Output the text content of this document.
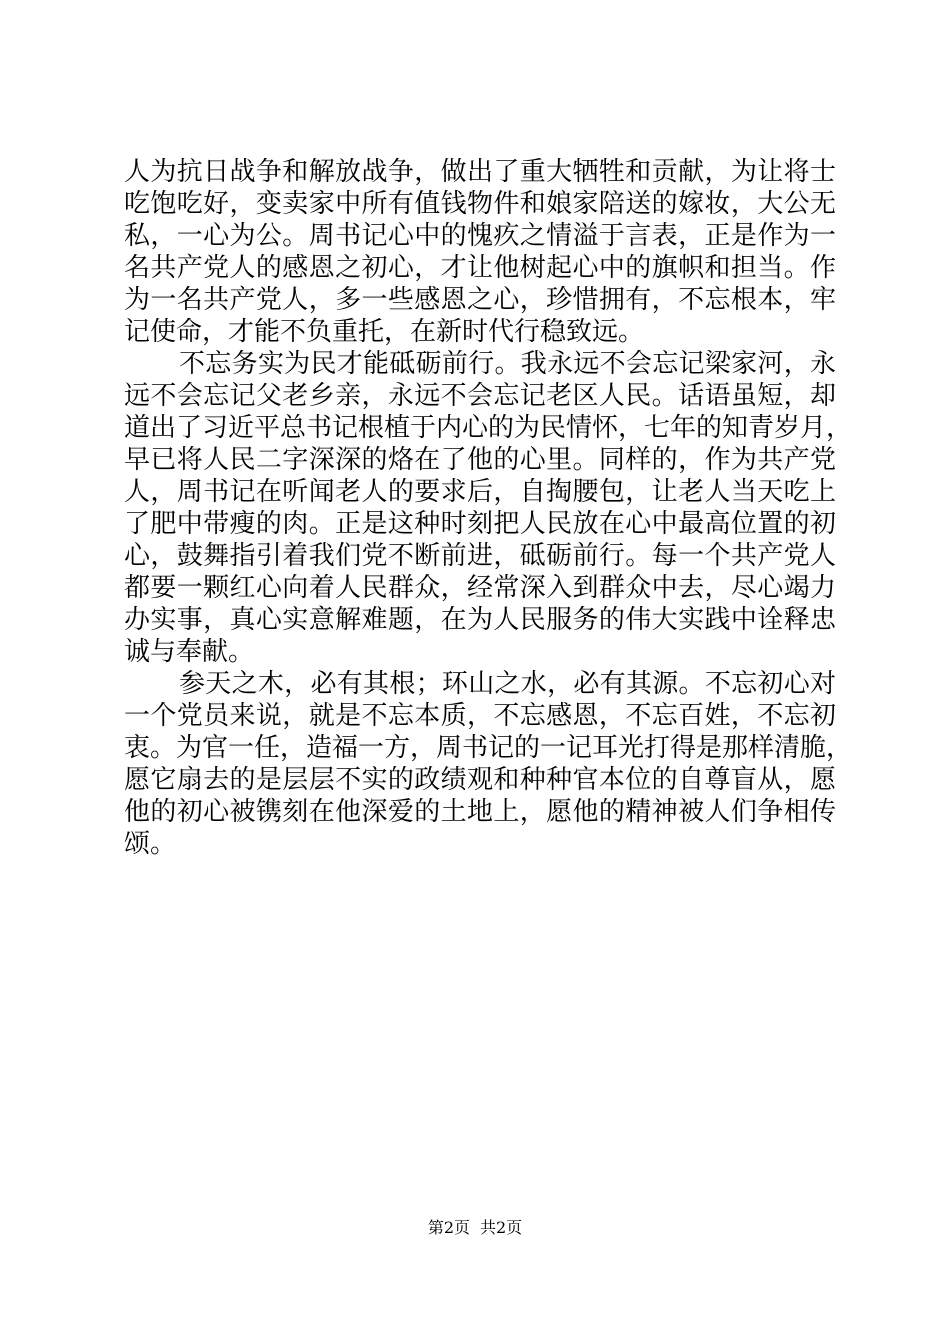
人为抗日战争和解放战争，做出了重大牺牲和贡献，为让将士
吃饱吃好，变卖家中所有值钱物件和娘家陪送的嫁妆，大公无
私，一心为公。周书记心中的愧疚之情溢于言表，正是作为一
名共产党人的感恩之初心，才让他树起心中的旗帜和担当。作
为一名共产党人，多一些感恩之心，珍惜拥有，不忘根本，牢
记使命，才能不负重托，在新时代行稳致远。
不忘务实为民才能砥砺前行。我永远不会忘记梁家河，永
远不会忘记父老乡亲，永远不会忘记老区人民。话语虽短，却
道出了习近平总书记根植于内心的为民情怀，七年的知青岁月，
早已将人民二字深深的烙在了他的心里。同样的，作为共产党
人，周书记在听闻老人的要求后，自掏腰包，让老人当天吃上
了肥中带瘦的肉。正是这种时刻把人民放在心中最高位置的初
心，鼓舞指引着我们党不断前进，砥砺前行。每一个共产党人
都要一颗红心向着人民群众，经常深入到群众中去，尽心竭力
办实事，真心实意解难题，在为人民服务的伟大实践中诠释忠
诚与奉献。
参天之木，必有其根；环山之水，必有其源。不忘初心对
一个党员来说，就是不忘本质，不忘感恩，不忘百姓，不忘初
衷。为官一任，造福一方，周书记的一记耳光打得是那样清脆，
愿它扇去的是层层不实的政绩观和种种官本位的自尊盲从，愿
他的初心被镌刻在他深爱的土地上，愿他的精神被人们争相传
颂。
第2页 共2页
